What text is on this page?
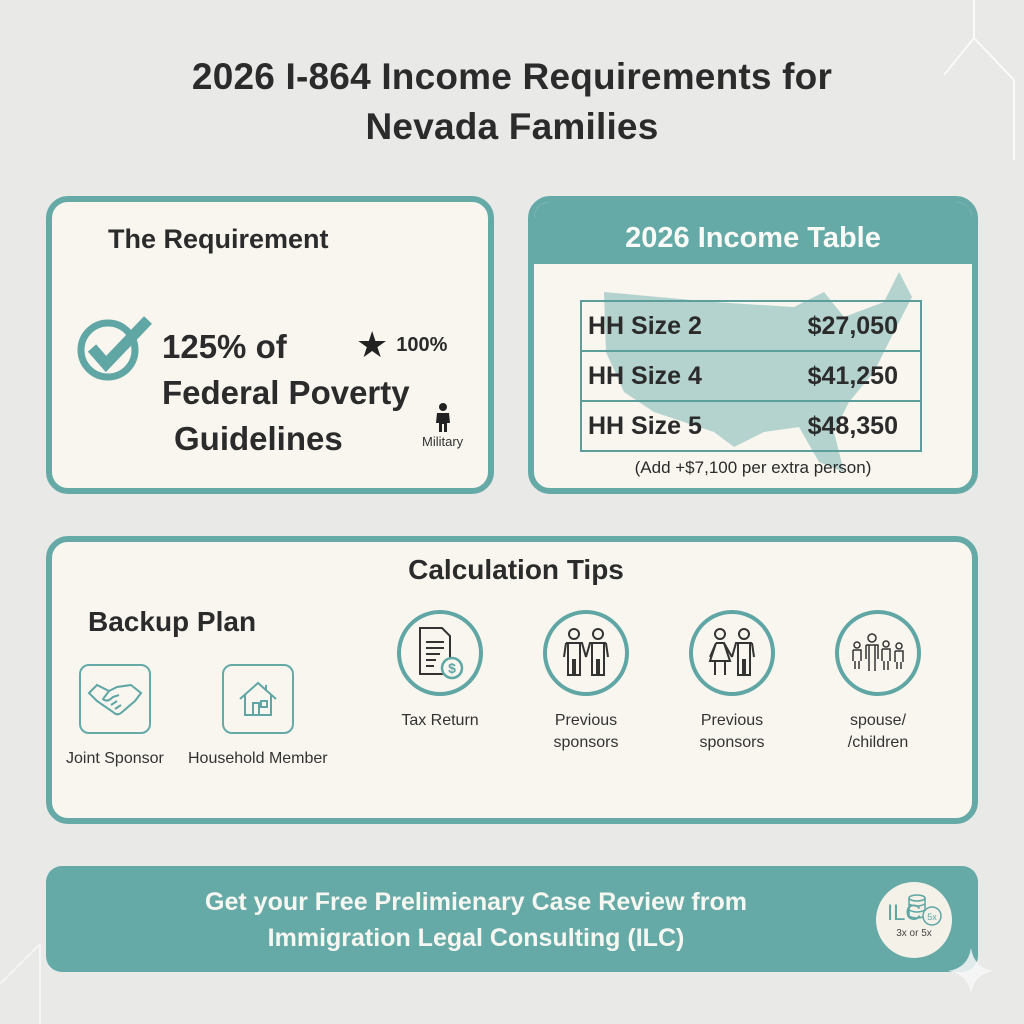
2026 I-864 Income Requirements for
Nevada Families
The Requirement
125% of
Federal Poverty
Guidelines
★ 100%
Military
2026 Income Table
HH Size 2	$27,050
HH Size 4	$41,250
HH Size 5	$48,350
(Add +$7,100 per extra person)
Calculation Tips
Backup Plan
Joint Sponsor Household Member
$
Tax Return	Previous
sponsors
Previous
sponsors
spouse/
/children
Get your Free Prelimienary Case Review from
Immigration Legal Consulting (ILC)
ILC 5x
3x or 5x
